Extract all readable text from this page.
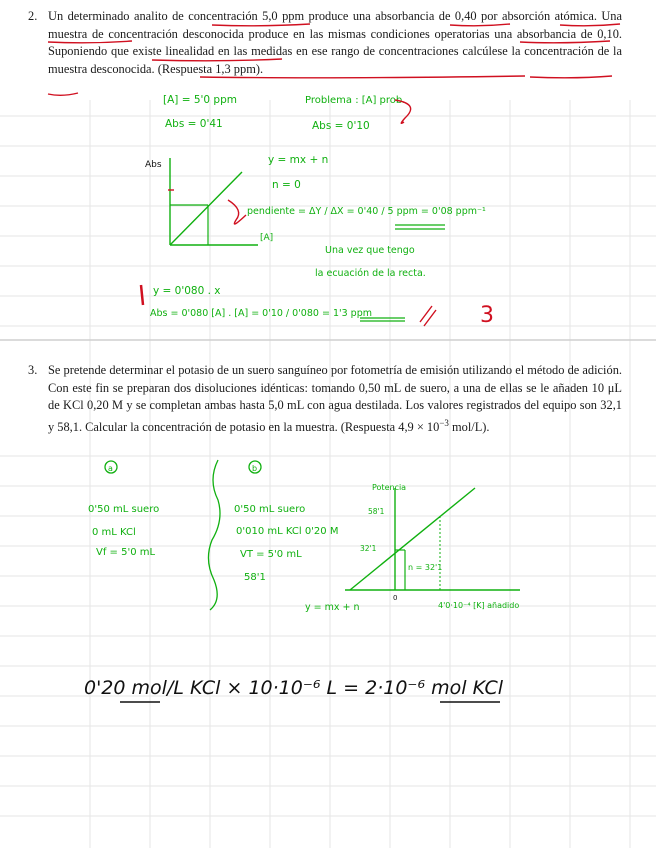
2. Un determinado analito de concentración 5,0 ppm produce una absorbancia de 0,40 por absorción atómica. Una muestra de concentración desconocida produce en las mismas condiciones operatorias una absorbancia de 0,10. Suponiendo que existe linealidad en las medidas en ese rango de concentraciones calcúlese la concentración de la muestra desconocida. (Respuesta 1,3 ppm).
3. Se pretende determinar el potasio de un suero sanguíneo por fotometría de emisión utilizando el método de adición. Con este fin se preparan dos disoluciones idénticas: tomando 0,50 mL de suero, a una de ellas se le añaden 10 μL de KCl 0,20 M y se completan ambas hasta 5,0 mL con agua destilada. Los valores registrados del equipo son 32,1 y 58,1. Calcular la concentración de potasio en la muestra. (Respuesta $4,9 \times 10^{-3}$ mol/L).
[A] = 5'0 ppm
Abs = 0'41
Problema : [A] prob.
Abs = 0'10
Abs
[A]
y = mx + n
n = 0
pendiente = ΔY / ΔX = 0'40 / 5 ppm = 0'08 ppm⁻¹
Una vez que tengo
la ecuación de la recta.
y = 0'080 . x
Abs = 0'080 [A] . [A] = 0'10 / 0'080 = 1'3 ppm	3
a
0'50 mL suero
0 mL KCl
Vf = 5'0 mL
b
0'50 mL suero
0'010 mL KCl 0'20 M
VT = 5'0 mL
58'1
Potencia
58'1
32'1
n = 32'1
0
4'0·10⁻⁴ [K] añadido
y = mx + n
0'20 mol/L KCl × 10·10⁻⁶ L = 2·10⁻⁶ mol KCl
